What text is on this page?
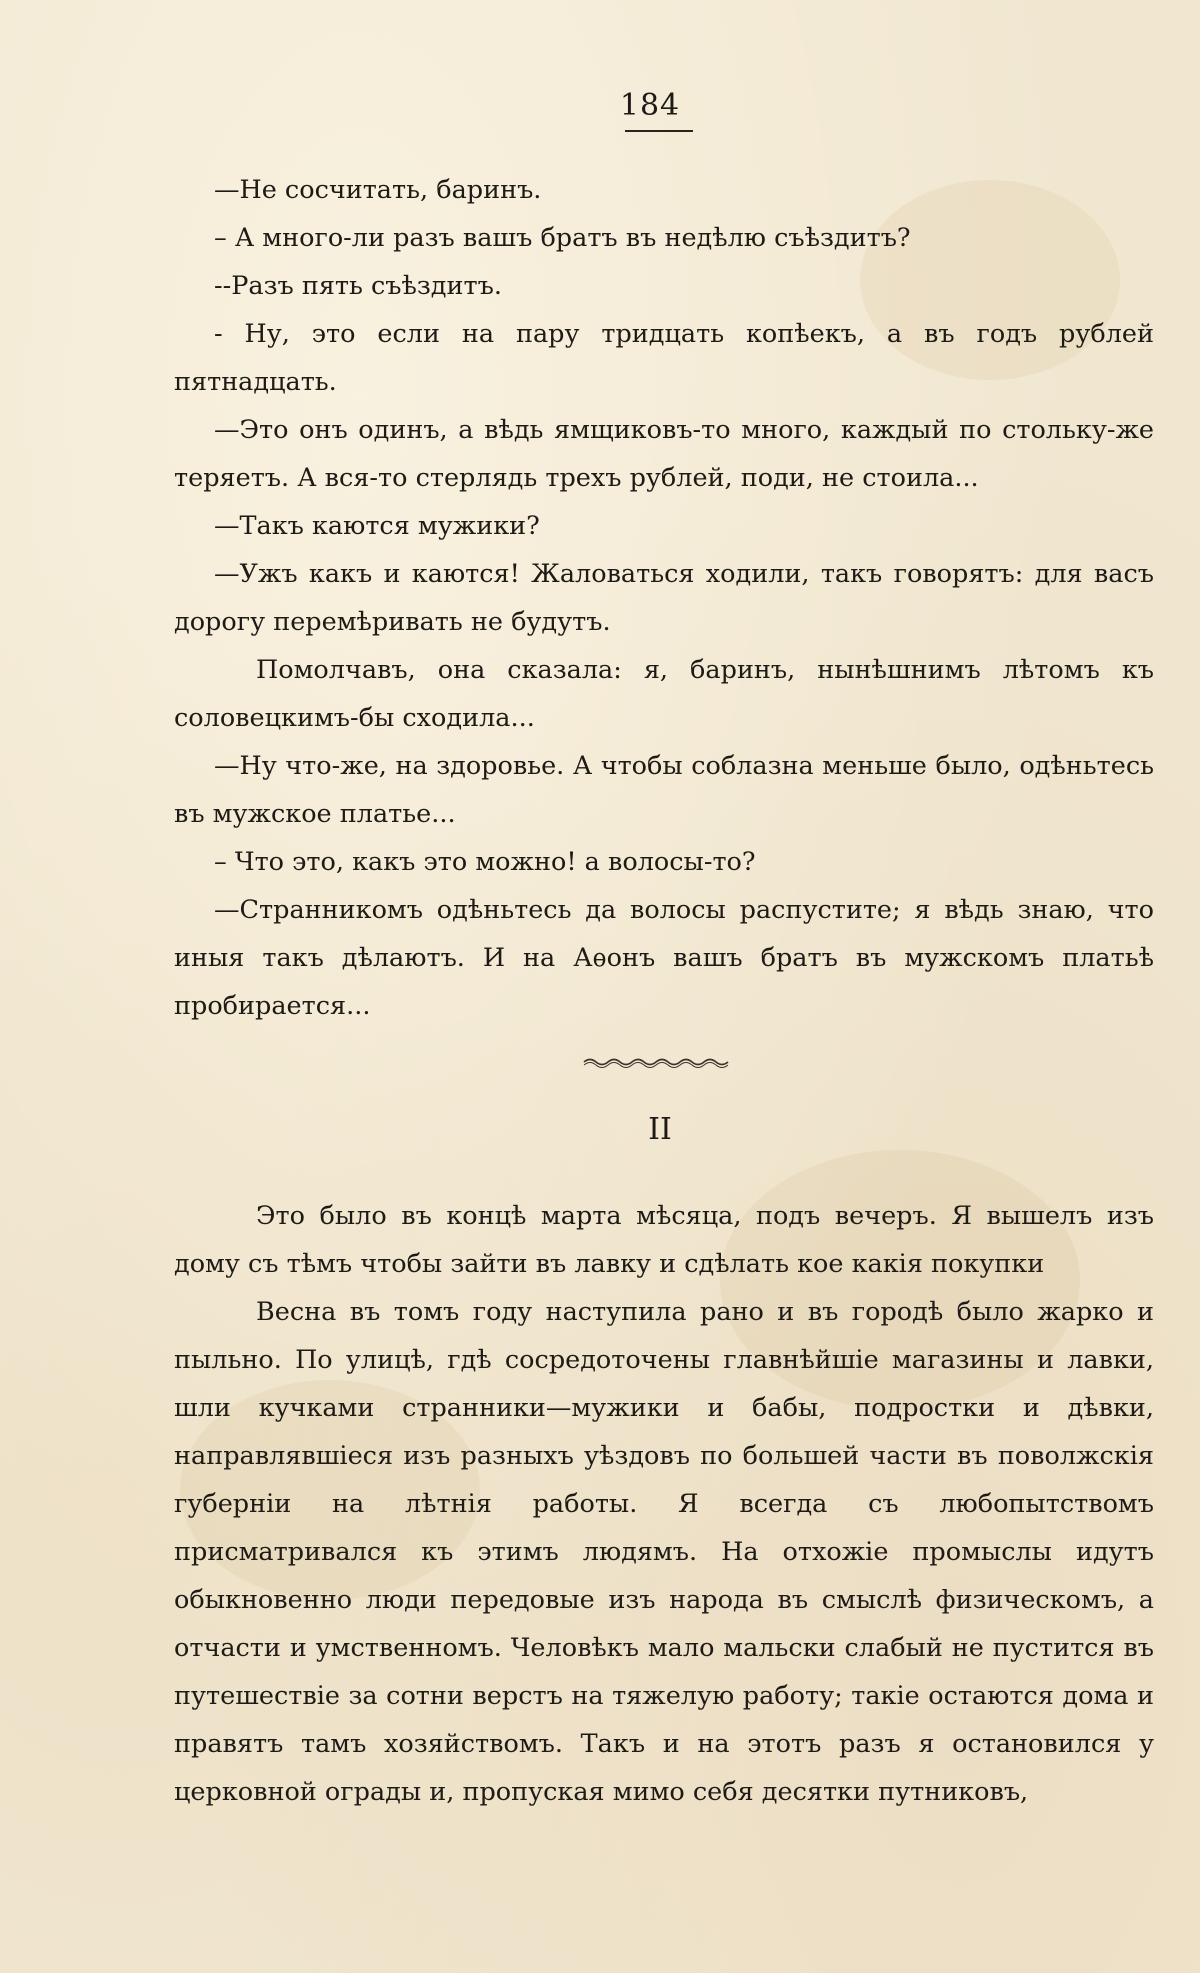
184

—Не сосчитать, баринъ.

– А много-ли разъ вашъ братъ въ недѣлю съѣздитъ?

--Разъ пять съѣздитъ.

- Ну, это если на пару тридцать копѣекъ, а въ годъ рублей пятнадцать.

—Это онъ одинъ, а вѣдь ямщиковъ-то много, каждый по стольку-же теряетъ. А вся-то стерлядь трехъ рублей, поди, не стоила...

—Такъ каются мужики?

—Ужъ какъ и каются! Жаловаться ходили, такъ говорятъ: для васъ дорогу перемѣривать не будутъ.

Помолчавъ, она сказала: я, баринъ, нынѣшнимъ лѣтомъ къ соловецкимъ-бы сходила...

—Ну что-же, на здоровье. А чтобы соблазна меньше было, одѣньтесь въ мужское платье...

– Что это, какъ это можно! а волосы-то?

—Странникомъ одѣньтесь да волосы распустите; я вѣдь знаю, что иныя такъ дѣлаютъ. И на Аѳонъ вашъ братъ въ мужскомъ платьѣ пробирается...

II

Это было въ концѣ марта мѣсяца, подъ вечеръ. Я вышелъ изъ дому съ тѣмъ чтобы зайти въ лавку и сдѣлать кое какія покупки

Весна въ томъ году наступила рано и въ городѣ было жарко и пыльно. По улицѣ, гдѣ сосредоточены главнѣйшіе магазины и лавки, шли кучками странники—мужики и бабы, подростки и дѣвки, направлявшіеся изъ разныхъ уѣздовъ по большей части въ поволжскія губерніи на лѣтнія работы. Я всегда съ любопытствомъ присматривался къ этимъ людямъ. На отхожіе промыслы идутъ обыкновенно люди передовые изъ народа въ смыслѣ физическомъ, а отчасти и умственномъ. Человѣкъ мало мальски слабый не пустится въ путешествіе за сотни верстъ на тяжелую работу; такіе остаются дома и правятъ тамъ хозяйствомъ. Такъ и на этотъ разъ я остановился у церковной ограды и, пропуская мимо себя десятки путниковъ,
